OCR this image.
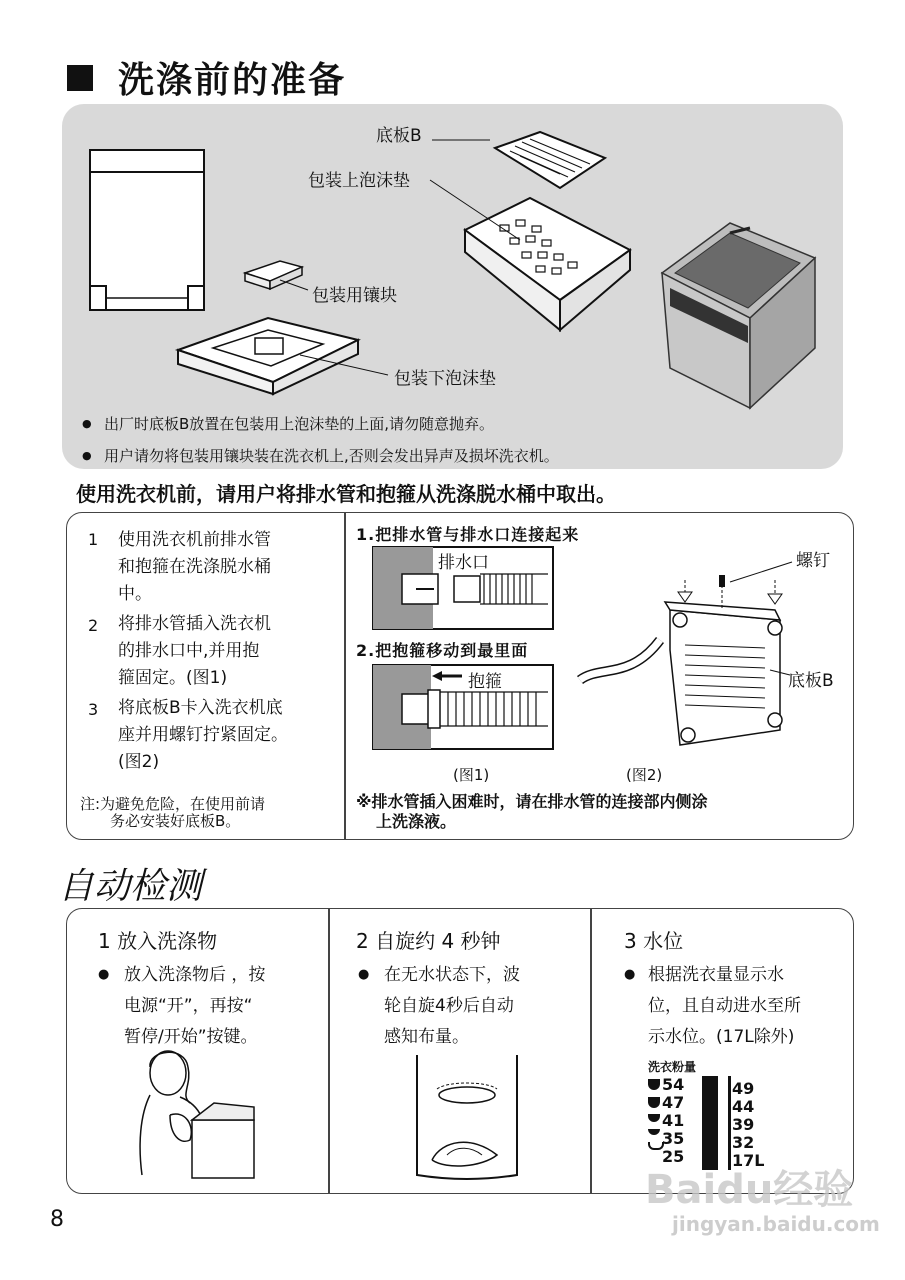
洗涤前的准备
底板B
包装上泡沫垫
包装用镶块
包装下泡沫垫
● 出厂时底板B放置在包装用上泡沫垫的上面,请勿随意抛弃。
● 用户请勿将包装用镶块装在洗衣机上,否则会发出异声及损坏洗衣机。
使用洗衣机前，请用户将排水管和抱箍从洗涤脱水桶中取出。
1 使用洗衣机前排水管
和抱箍在洗涤脱水桶
中。
2 将排水管插入洗衣机
的排水口中,并用抱
箍固定。(图1)
3 将底板B卡入洗衣机底
座并用螺钉拧紧固定。
(图2)
注:为避免危险，在使用前请
务必安装好底板B。
1.把排水管与排水口连接起来
2.把抱箍移动到最里面
排水口
抱箍
螺钉
底板B
(图1)	(图2)
※排水管插入困难时，请在排水管的连接部内侧涂
上洗涤液。
自动检测
1 放入洗涤物
● 放入洗涤物后 ，按
电源“开”，再按“
暂停/开始”按键。
2 自旋约 4 秒钟
● 在无水状态下，波
轮自旋4秒后自动
感知布量。
3 水位
● 根据洗衣量显示水
位，且自动进水至所
示水位。(17L除外)
洗衣粉量
54
47
41
35
25
49
44
39
32
17L
8
Baidu经验
jingyan.baidu.com
